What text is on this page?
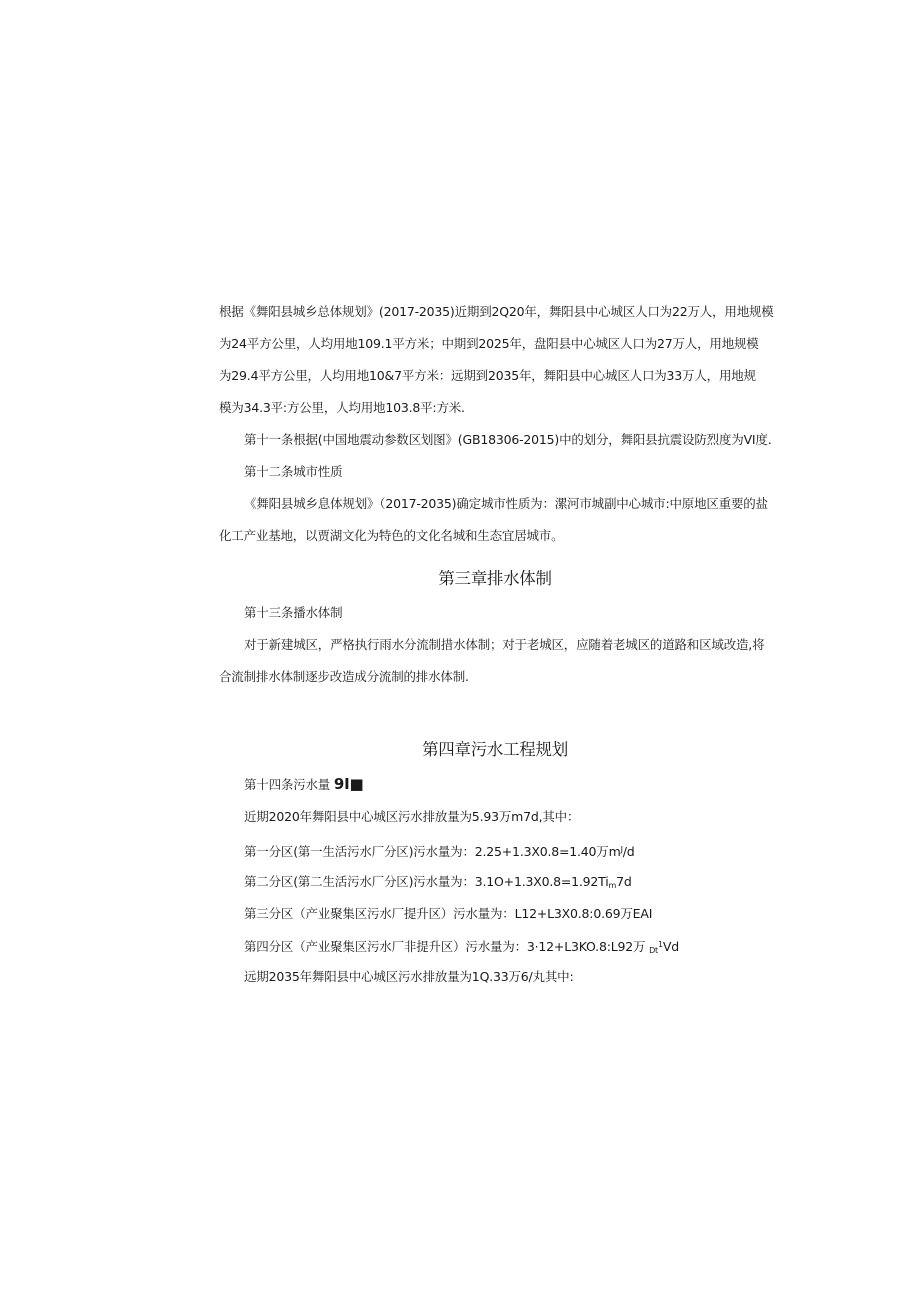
根据《舞阳县城乡总体规划》(2017-2035)近期到2Q20年，舞阳县中心城区人口为22万人，用地规模
为24平方公里，人均用地109.1平方米；中期到2025年，盘阳县中心城区人口为27万人，用地规模
为29.4平方公里，人均用地10&7平方米：远期到2035年，舞阳县中心城区人口为33万人，用地规
模为34.3平:方公里，人均用地103.8平:方米.
第十一条根据(中国地震动参数区划图》(GB18306-2015)中的划分，舞阳县抗震设防烈度为VI度.
第十二条城市性质
《舞阳县城乡息体规划》（2017-2035)确定城市性质为：漯河市城副中心城市:中原地区重要的盐
化工产业基地，以贾湖文化为特色的文化名城和生态宜居城市。
第三章排水体制
第十三条播水体制
对于新建城区，严格执行雨水分流制措水体制；对于老城区，应随着老城区的道路和区域改造,将
合流制排水体制逐步改造成分流制的排水体制.
第四章污水工程规划
第十四条污水量 9I■
近期2020年舞阳县中心城区污水排放量为5.93万m7d,其中：
第一分区(第一生活污水厂分区)污水量为：2.25+1.3X0.8=1.40万$m^J/d$
第二分区(第二生活污水厂分区)污水量为：$3.1O+1.3X0.8=1.92Ti_m7d$
第三分区（产业聚集区污水厂提升区）污水量为：L12+L3X0.8:0.69万EAI
第四分区（产业聚集区污水厂非提升区）污水量为：3·12+L3KO.8:L92万 $_{Dt}^1$Vd
远期2035年舞阳县中心城区污水排放量为1Q.33万6/丸其中:
